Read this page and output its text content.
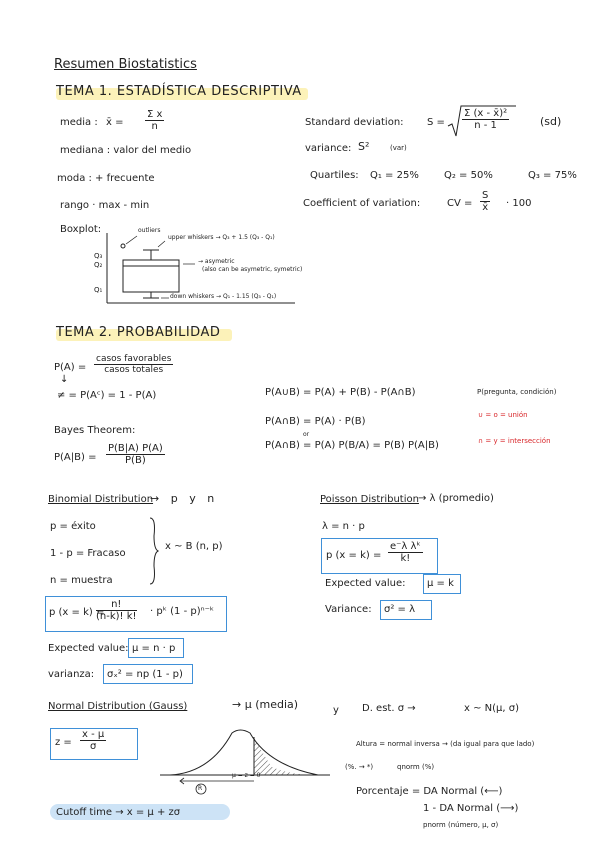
Resumen Biostatistics
TEMA 1. ESTADÍSTICA DESCRIPTIVA
media : x̄ = $\frac{\text{Σ x}}{n}$
mediana : valor del medio
moda : + frecuente
rango · max - min
Standard deviation: $S = \frac{\text{Σ (x - x̄)²}}{n - 1}$	(sd)
variance: S²	(var)
Quartiles: Q₁ = 25%	Q₂ = 50%	Q₃ = 75%
Coefficient of variation:	CV = $\frac{S}{x̄} \cdot 100$
Boxplot:	outliers
upper whiskers → Q₃ + 1.5 (Q₃ - Q₁)
Q₃
Q₂
Q₁
→ asymetric
(also can be asymetric, symetric)
down whiskers → Q₁ - 1.15 (Q₃ - Q₁)
TEMA 2. PROBABILIDAD
P(A) =
casos favorables
casos totales
↓
≠ = P(Aᶜ) = 1 - P(A)
Bayes Theorem:
$P(A|B) = \frac{P(B|A) P(A)}{P(B)}$
P(A∪B) = P(A) + P(B) - P(A∩B)
P(A∩B) = P(A) · P(B)
or
P(A∩B) = P(A) P(B/A) = P(B) P(A|B)
P(pregunta, condición)
∪ = o = unión
∩ = y = intersección
Binomial Distribution
→ p y n
p = éxito
1 - p = Fracaso
n = muestra
x ~ B (n, p)
p (x = k) =
$\frac{n!}{(n-k)! k!}$ · pᵏ (1 - p)ⁿ⁻ᵏ
Expected value: μ = n · p
varianza: σₓ² = np (1 - p)
Poisson Distribution → λ (promedio)
λ = n · p
p $(x = k) = \frac{\text{e⁻λ λᵏ}}{k!}$
Expected value: μ = k
Variance: σ² = λ
Normal Distribution (Gauss)	→ μ (media)	y D. est. σ →	x ~ N(μ, σ)
$z = \frac{x - \mu}{\sigma}$
μ = z = 0
R
Altura = normal inversa → (da igual para que lado)
(%. → *)	qnorm (%)
Porcentaje = DA Normal (⟵)
1 - DA Normal (⟶)
pnorm (número, μ, σ)
Cutoff time → x = μ + zσ
